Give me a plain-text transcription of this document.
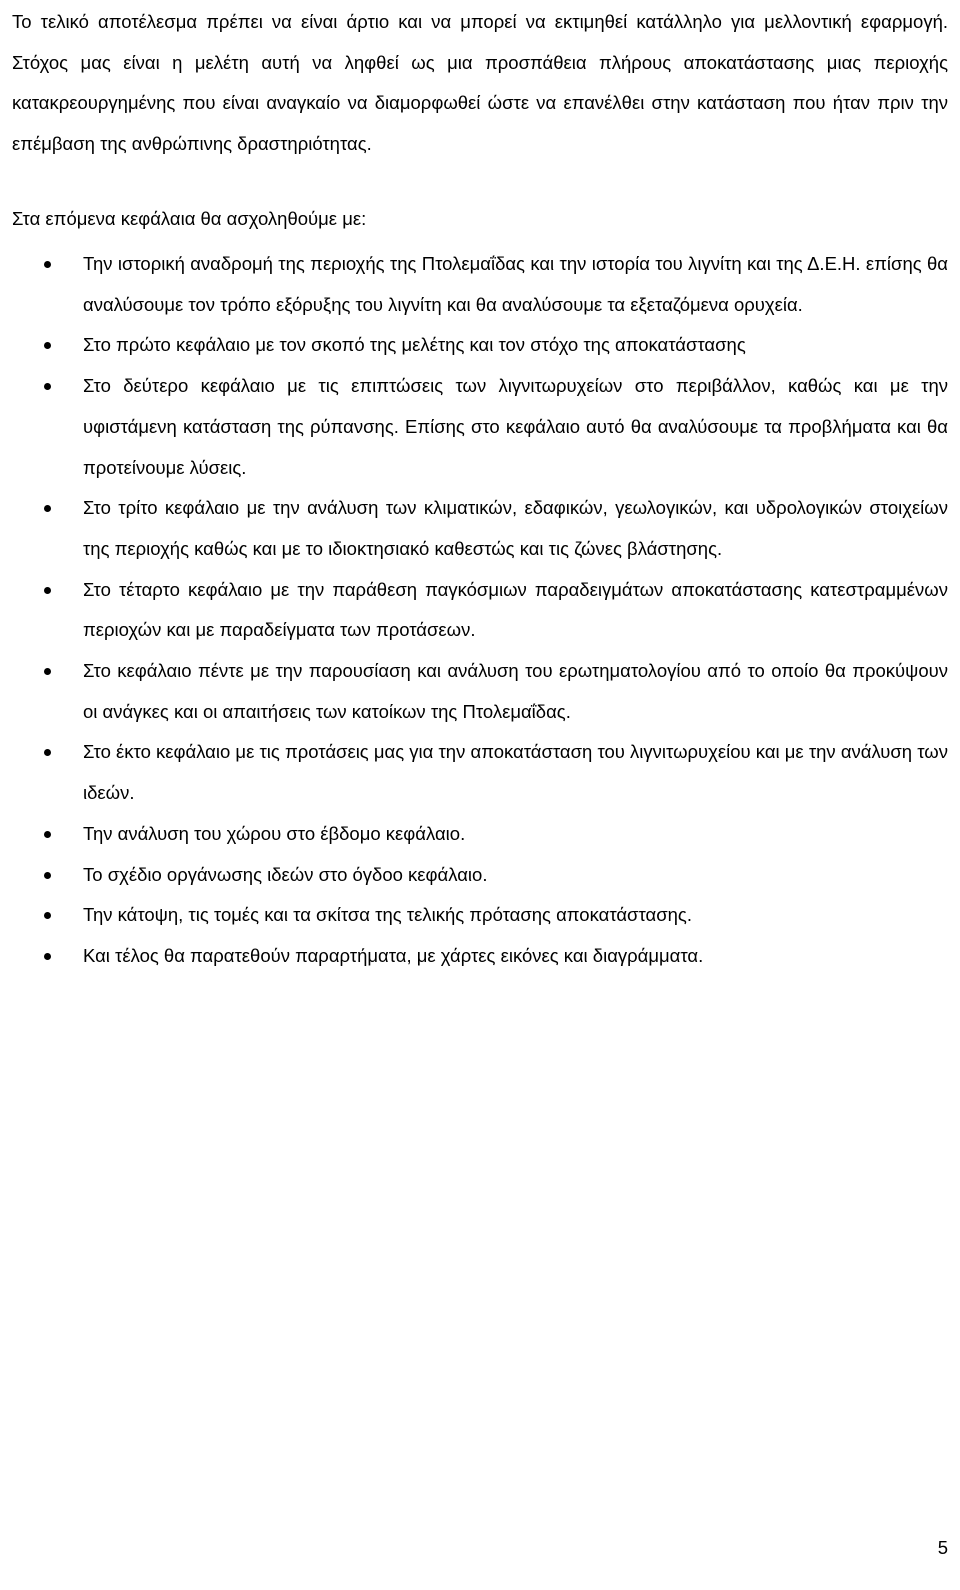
Το τελικό αποτέλεσμα πρέπει να είναι άρτιο και να μπορεί να εκτιμηθεί κατάλληλο για μελλοντική εφαρμογή. Στόχος μας είναι η μελέτη αυτή να ληφθεί ως μια προσπάθεια πλήρους αποκατάστασης μιας περιοχής κατακρεουργημένης που είναι αναγκαίο να διαμορφωθεί ώστε να επανέλθει στην κατάσταση που ήταν πριν την επέμβαση της ανθρώπινης δραστηριότητας.

Στα επόμενα κεφάλαια θα ασχοληθούμε με:

Την ιστορική αναδρομή της περιοχής της Πτολεμαΐδας και την ιστορία του λιγνίτη και της Δ.Ε.Η. επίσης θα αναλύσουμε τον τρόπο εξόρυξης του λιγνίτη και θα αναλύσουμε τα εξεταζόμενα ορυχεία.
Στο πρώτο κεφάλαιο με τον σκοπό της μελέτης και τον στόχο της αποκατάστασης
Στο δεύτερο κεφάλαιο με τις επιπτώσεις των λιγνιτωρυχείων στο περιβάλλον, καθώς και με την υφιστάμενη κατάσταση της ρύπανσης. Επίσης στο κεφάλαιο αυτό θα αναλύσουμε τα προβλήματα και θα προτείνουμε λύσεις.
Στο τρίτο κεφάλαιο με την ανάλυση των κλιματικών, εδαφικών, γεωλογικών, και υδρολογικών στοιχείων της περιοχής καθώς και με το ιδιοκτησιακό καθεστώς και τις ζώνες βλάστησης.
Στο τέταρτο κεφάλαιο με την παράθεση παγκόσμιων παραδειγμάτων αποκατάστασης κατεστραμμένων περιοχών και με παραδείγματα των προτάσεων.
Στο κεφάλαιο πέντε με την παρουσίαση και ανάλυση του ερωτηματολογίου από το οποίο θα προκύψουν οι ανάγκες και οι απαιτήσεις των κατοίκων της Πτολεμαΐδας.
Στο έκτο κεφάλαιο με τις προτάσεις μας για την αποκατάσταση του λιγνιτωρυχείου και με την ανάλυση των ιδεών.
Την ανάλυση του χώρου στο έβδομο κεφάλαιο.
Το σχέδιο οργάνωσης ιδεών στο όγδοο κεφάλαιο.
Την κάτοψη, τις τομές και τα σκίτσα της τελικής πρότασης αποκατάστασης.
Και τέλος θα παρατεθούν παραρτήματα, με χάρτες εικόνες και διαγράμματα.
5
